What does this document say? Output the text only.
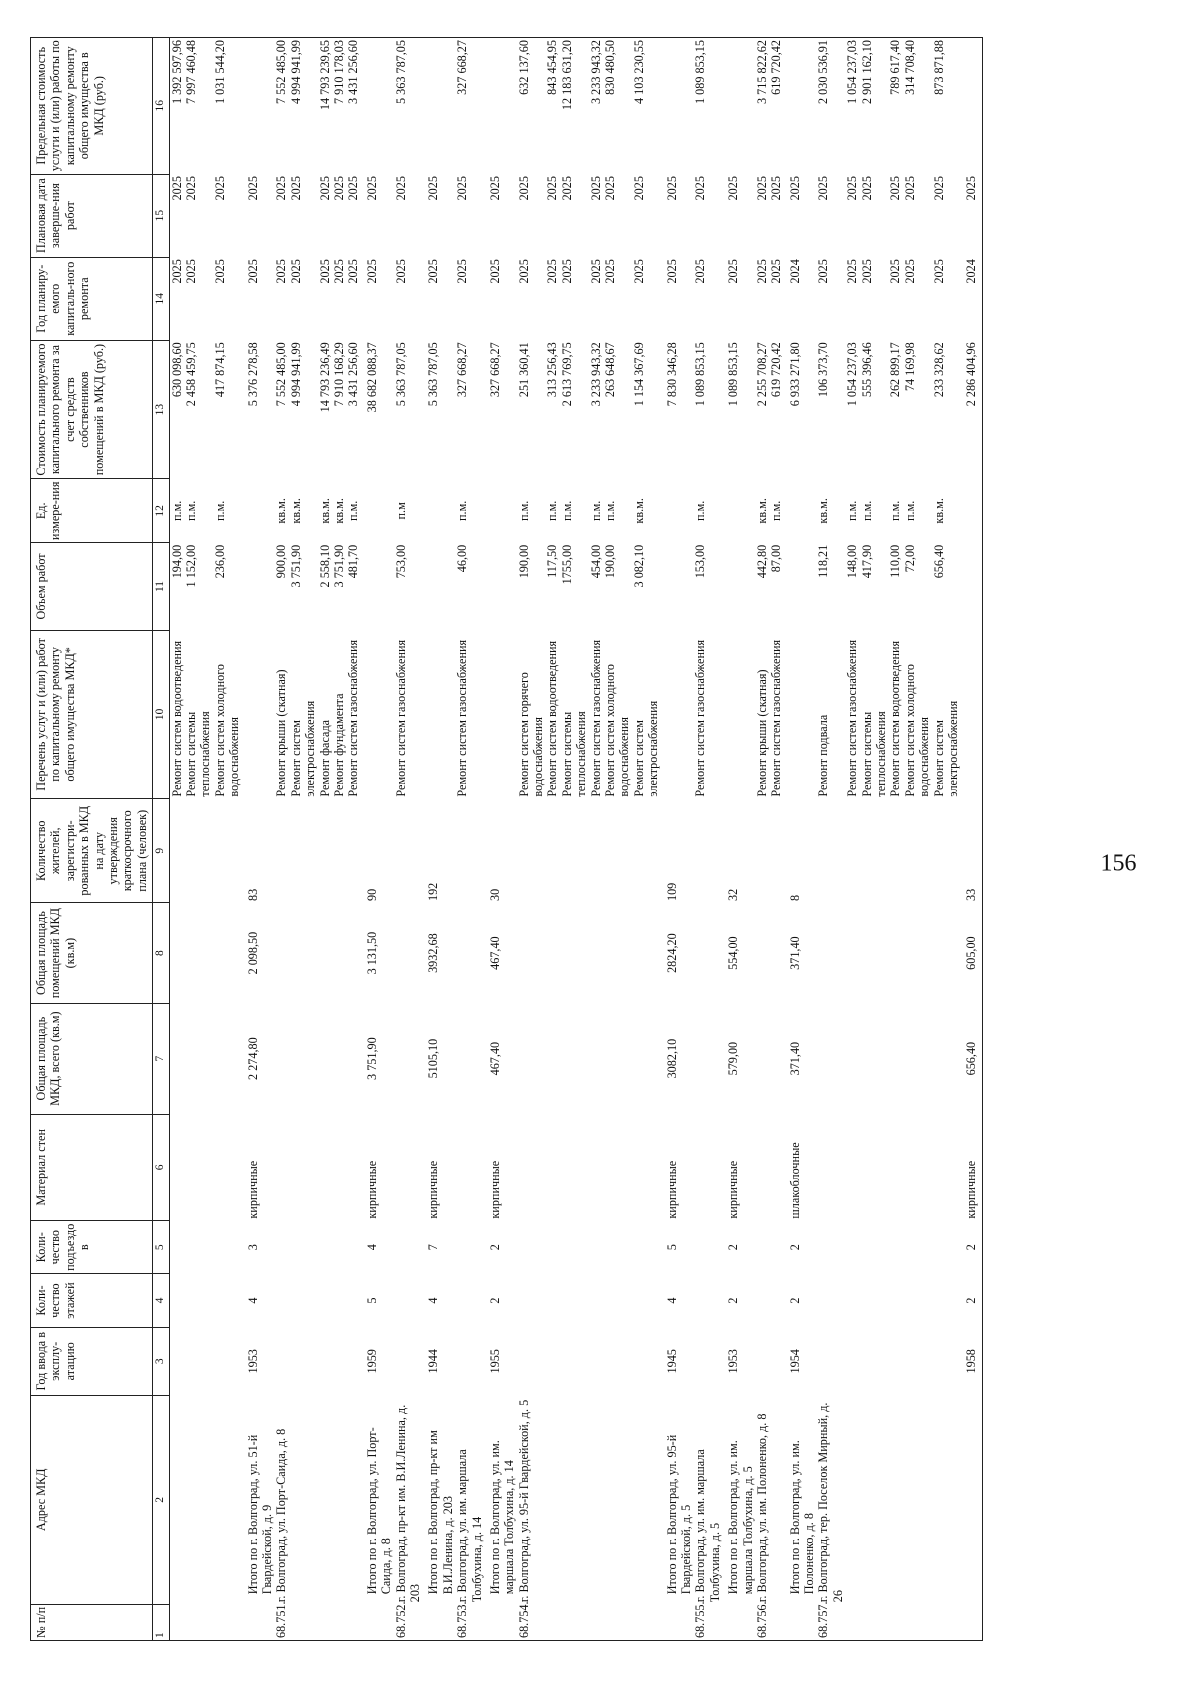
156
№ п/п	Адрес МКД	Год ввода в эксплу-атацию	Коли-чество этажей	Коли-чество подъездо в	Материал стен	Общая площадь МКД, всего (кв.м)	Общая площадь помещений МКД (кв.м)	Количество жителей, зарегистри-рованных в МКД на дату утверждения краткосрочного плана (человек)	Перечень услуг и (или) работ по капитальному ремонту общего имущества МКД*	Объем работ	Ед. измере-ния	Стоимость планируемого капитального ремонта за счет средств собственников помещений в МКД (руб.)	Год планиру-емого капиталь-ного ремонта	Плановая дата заверше-ния работ	Предельная стоимость услуги и (или) работы по капитальному ремонту общего имущества в МКД (руб.)
1	2	3	4	5	6	7	8	9	10	11	12	13	14	15	16
									Ремонт систем водоотведения	194,00	п.м.	630 098,60	2025	2025	1 392 597,96
									Ремонт системы теплоснабжения	1 152,00	п.м.	2 458 459,75	2025	2025	7 997 460,48
									Ремонт систем холодного водоснабжения	236,00	п.м.	417 874,15	2025	2025	1 031 544,20
	Итого по г. Волгоград, ул. 51-й Гвардейской, д. 9	1953	4	3	кирпичные	2 274,80	2 098,50	83				5 376 278,58	2025	2025	
68.751.	г. Волгоград, ул. Порт-Саида, д. 8								Ремонт крыши (скатная)	900,00	кв.м.	7 552 485,00	2025	2025	7 552 485,00
									Ремонт систем электроснабжения	3 751,90	кв.м.	4 994 941,99	2025	2025	4 994 941,99
									Ремонт фасада	2 558,10	кв.м.	14 793 236,49	2025	2025	14 793 239,65
									Ремонт фундамента	3 751,90	кв.м.	7 910 168,29	2025	2025	7 910 178,03
									Ремонт систем газоснабжения	481,70	п.м.	3 431 256,60	2025	2025	3 431 256,60
	Итого по г. Волгоград, ул. Порт-Саида, д. 8	1959	5	4	кирпичные	3 751,90	3 131,50	90				38 682 088,37	2025	2025	
68.752.	г. Волгоград, пр-кт им. В.И.Ленина, д. 203								Ремонт систем газоснабжения	753,00	п.м	5 363 787,05	2025	2025	5 363 787,05
	Итого по г. Волгоград, пр-кт им В.И.Ленина, д. 203	1944	4	7	кирпичные	5105,10	3932,68	192				5 363 787,05	2025	2025	
68.753.	г. Волгоград, ул. им. маршала Толбухина, д. 14								Ремонт систем газоснабжения	46,00	п.м.	327 668,27	2025	2025	327 668,27
	Итого по г. Волгоград, ул. им. маршала Толбухина, д. 14	1955	2	2	кирпичные	467,40	467,40	30				327 668,27	2025	2025	
68.754.	г. Волгоград, ул. 95-й Гвардейской, д. 5								Ремонт систем горячего водоснабжения	190,00	п.м.	251 360,41	2025	2025	632 137,60
									Ремонт систем водоотведения	117,50	п.м.	313 256,43	2025	2025	843 454,95
									Ремонт системы теплоснабжения	1755,00	п.м.	2 613 769,75	2025	2025	12 183 631,20
									Ремонт систем газоснабжения	454,00	п.м.	3 233 943,32	2025	2025	3 233 943,32
									Ремонт систем холодного водоснабжения	190,00	п.м.	263 648,67	2025	2025	830 480,50
									Ремонт систем электроснабжения	3 082,10	кв.м.	1 154 367,69	2025	2025	4 103 230,55
	Итого по г. Волгоград, ул. 95-й Гвардейской, д. 5	1945	4	5	кирпичные	3082,10	2824,20	109				7 830 346,28	2025	2025	
68.755.	г. Волгоград, ул. им. маршала Толбухина, д. 5								Ремонт систем газоснабжения	153,00	п.м.	1 089 853,15	2025	2025	1 089 853,15
	Итого по г. Волгоград, ул. им. маршала Толбухина, д. 5	1953	2	2	кирпичные	579,00	554,00	32				1 089 853,15	2025	2025	
68.756.	г. Волгоград, ул. им. Полоненко, д. 8								Ремонт крыши (скатная)	442,80	кв.м.	2 255 708,27	2025	2025	3 715 822,62
									Ремонт систем газоснабжения	87,00	п.м.	619 720,42	2025	2025	619 720,42
	Итого по г. Волгоград, ул. им. Полоненко, д. 8	1954	2	2	шлакоблочные	371,40	371,40	8				6 933 271,80	2024	2025	
68.757.	г. Волгоград, тер. Поселок Мирный, д. 26								Ремонт подвала	118,21	кв.м.	106 373,70	2025	2025	2 030 536,91
									Ремонт систем газоснабжения	148,00	п.м.	1 054 237,03	2025	2025	1 054 237,03
									Ремонт системы теплоснабжения	417,90	п.м.	555 396,46	2025	2025	2 901 162,10
									Ремонт систем водоотведения	110,00	п.м.	262 899,17	2025	2025	789 617,40
									Ремонт систем холодного водоснабжения	72,00	п.м.	74 169,98	2025	2025	314 708,40
									Ремонт систем электроснабжения	656,40	кв.м.	233 328,62	2025	2025	873 871,88
		1958	2	2	кирпичные	656,40	605,00	33				2 286 404,96	2024	2025	
